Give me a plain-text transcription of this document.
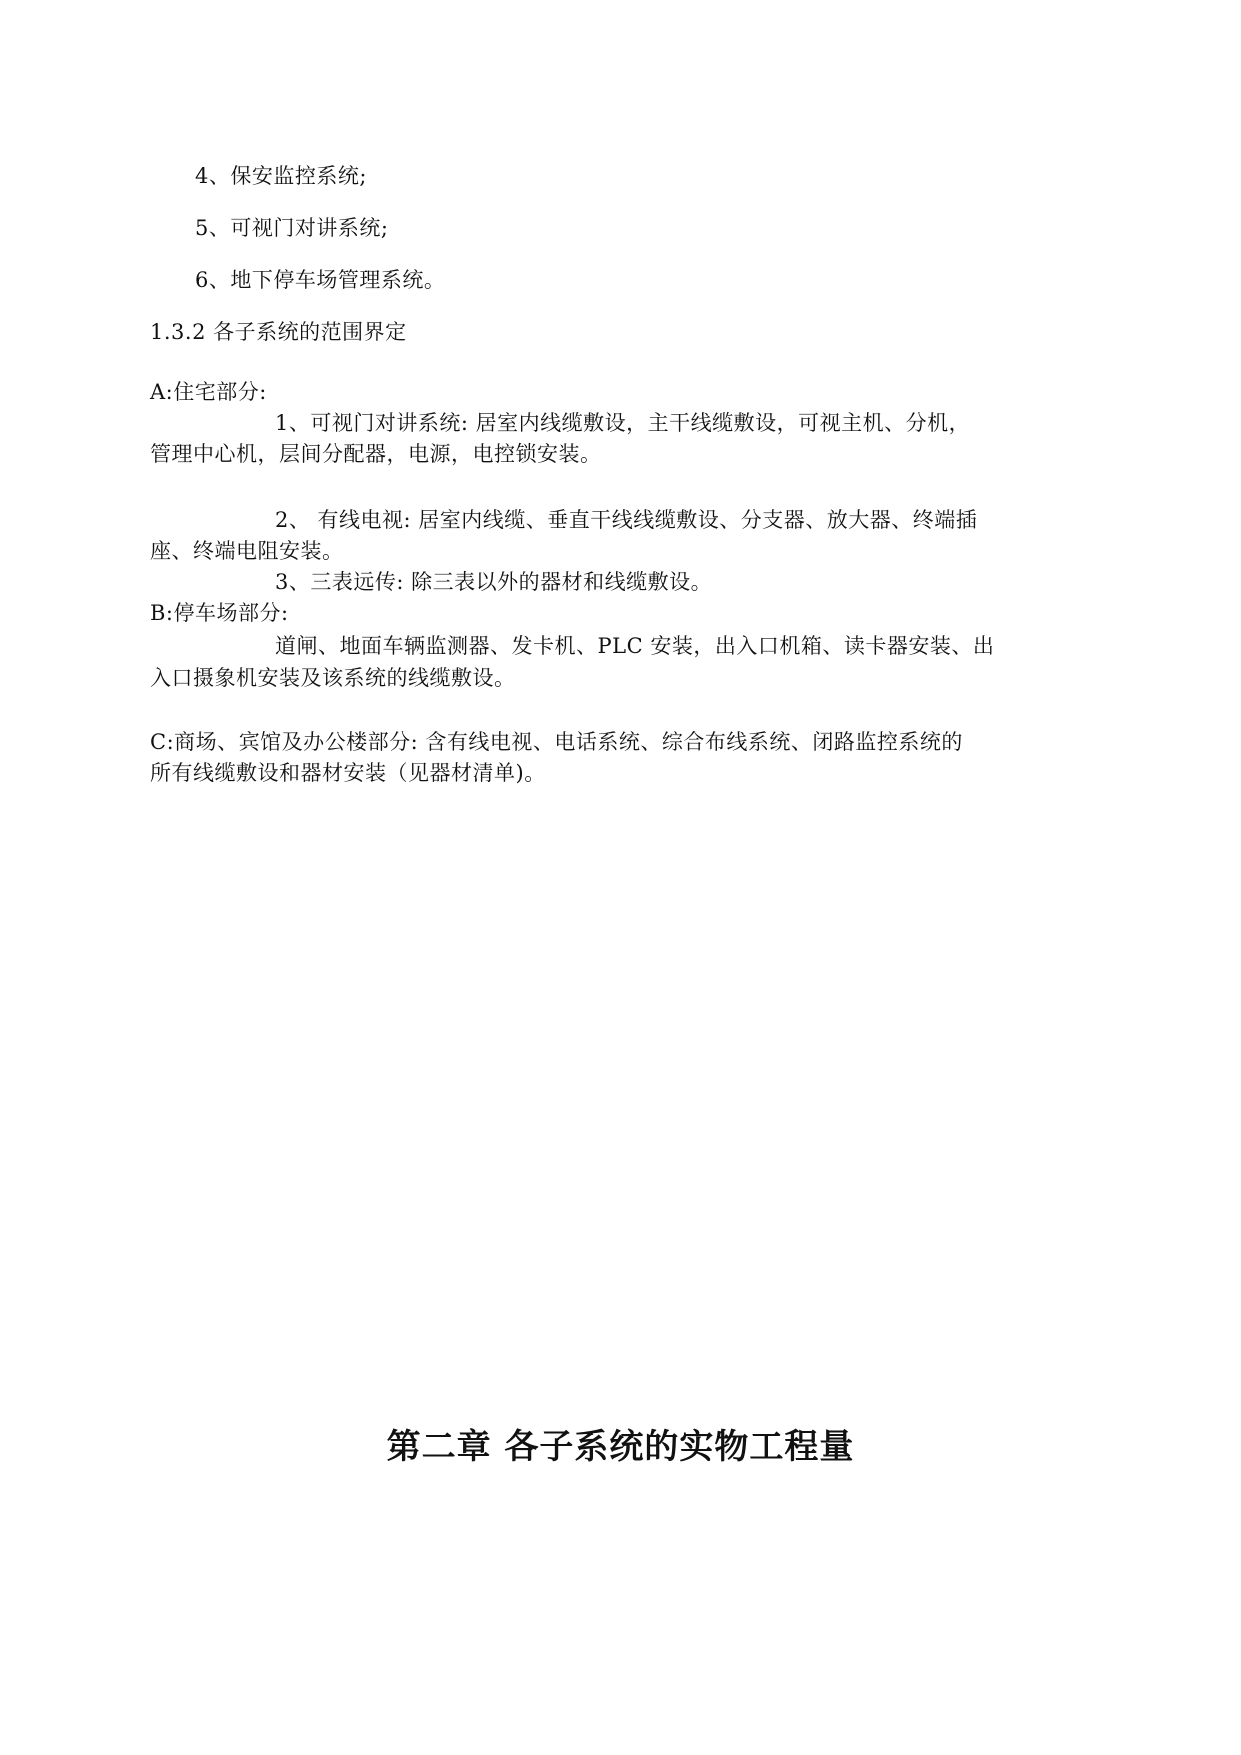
4、保安监控系统;
5、可视门对讲系统;
6、地下停车场管理系统。
1.3.2 各子系统的范围界定
A:住宅部分:
1、可视门对讲系统: 居室内线缆敷设，主干线缆敷设，可视主机、分机，
管理中心机，层间分配器，电源，电控锁安装。
2、 有线电视: 居室内线缆、垂直干线线缆敷设、分支器、放大器、终端插
座、终端电阻安装。
3、三表远传: 除三表以外的器材和线缆敷设。
B:停车场部分:
道闸、地面车辆监测器、发卡机、PLC 安装，出入口机箱、读卡器安装、出
入口摄象机安装及该系统的线缆敷设。
C:商场、宾馆及办公楼部分: 含有线电视、电话系统、综合布线系统、闭路监控系统的
所有线缆敷设和器材安装（见器材清单)。
第二章 各子系统的实物工程量
